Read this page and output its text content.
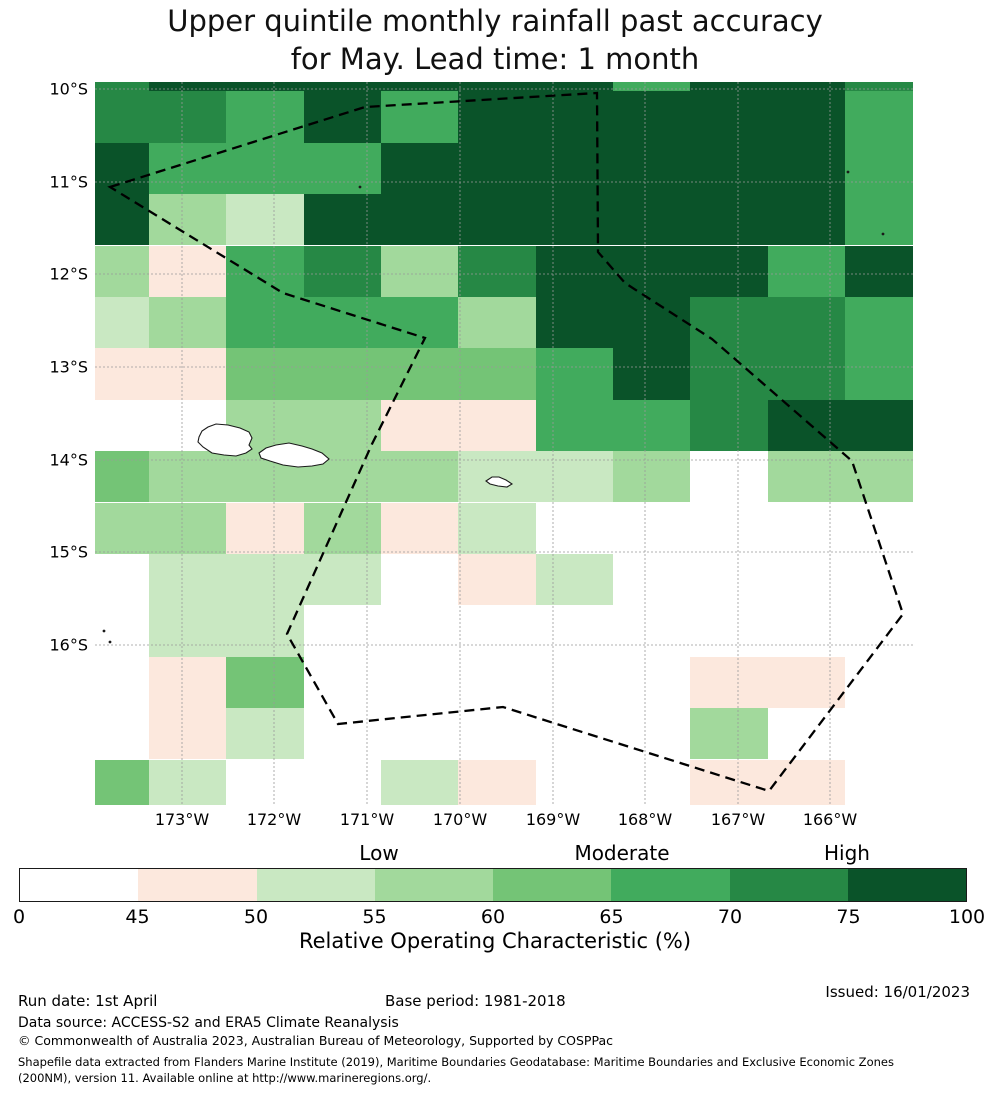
Upper quintile monthly rainfall past accuracy
for May. Lead time: 1 month
10°S
11°S
12°S
13°S
14°S
15°S
16°S
173°W 172°W 171°W 170°W 169°W 168°W 167°W 166°W
Low	Moderate	High
0	45	50	55	60	65	70	75	100
Relative Operating Characteristic (%)
Run date: 1st April	Base period: 1981-2018	Issued: 16/01/2023
Data source: ACCESS-S2 and ERA5 Climate Reanalysis
© Commonwealth of Australia 2023, Australian Bureau of Meteorology, Supported by COSPPac
Shapefile data extracted from Flanders Marine Institute (2019), Maritime Boundaries Geodatabase: Maritime Boundaries and Exclusive Economic Zones
(200NM), version 11. Available online at http://www.marineregions.org/.
